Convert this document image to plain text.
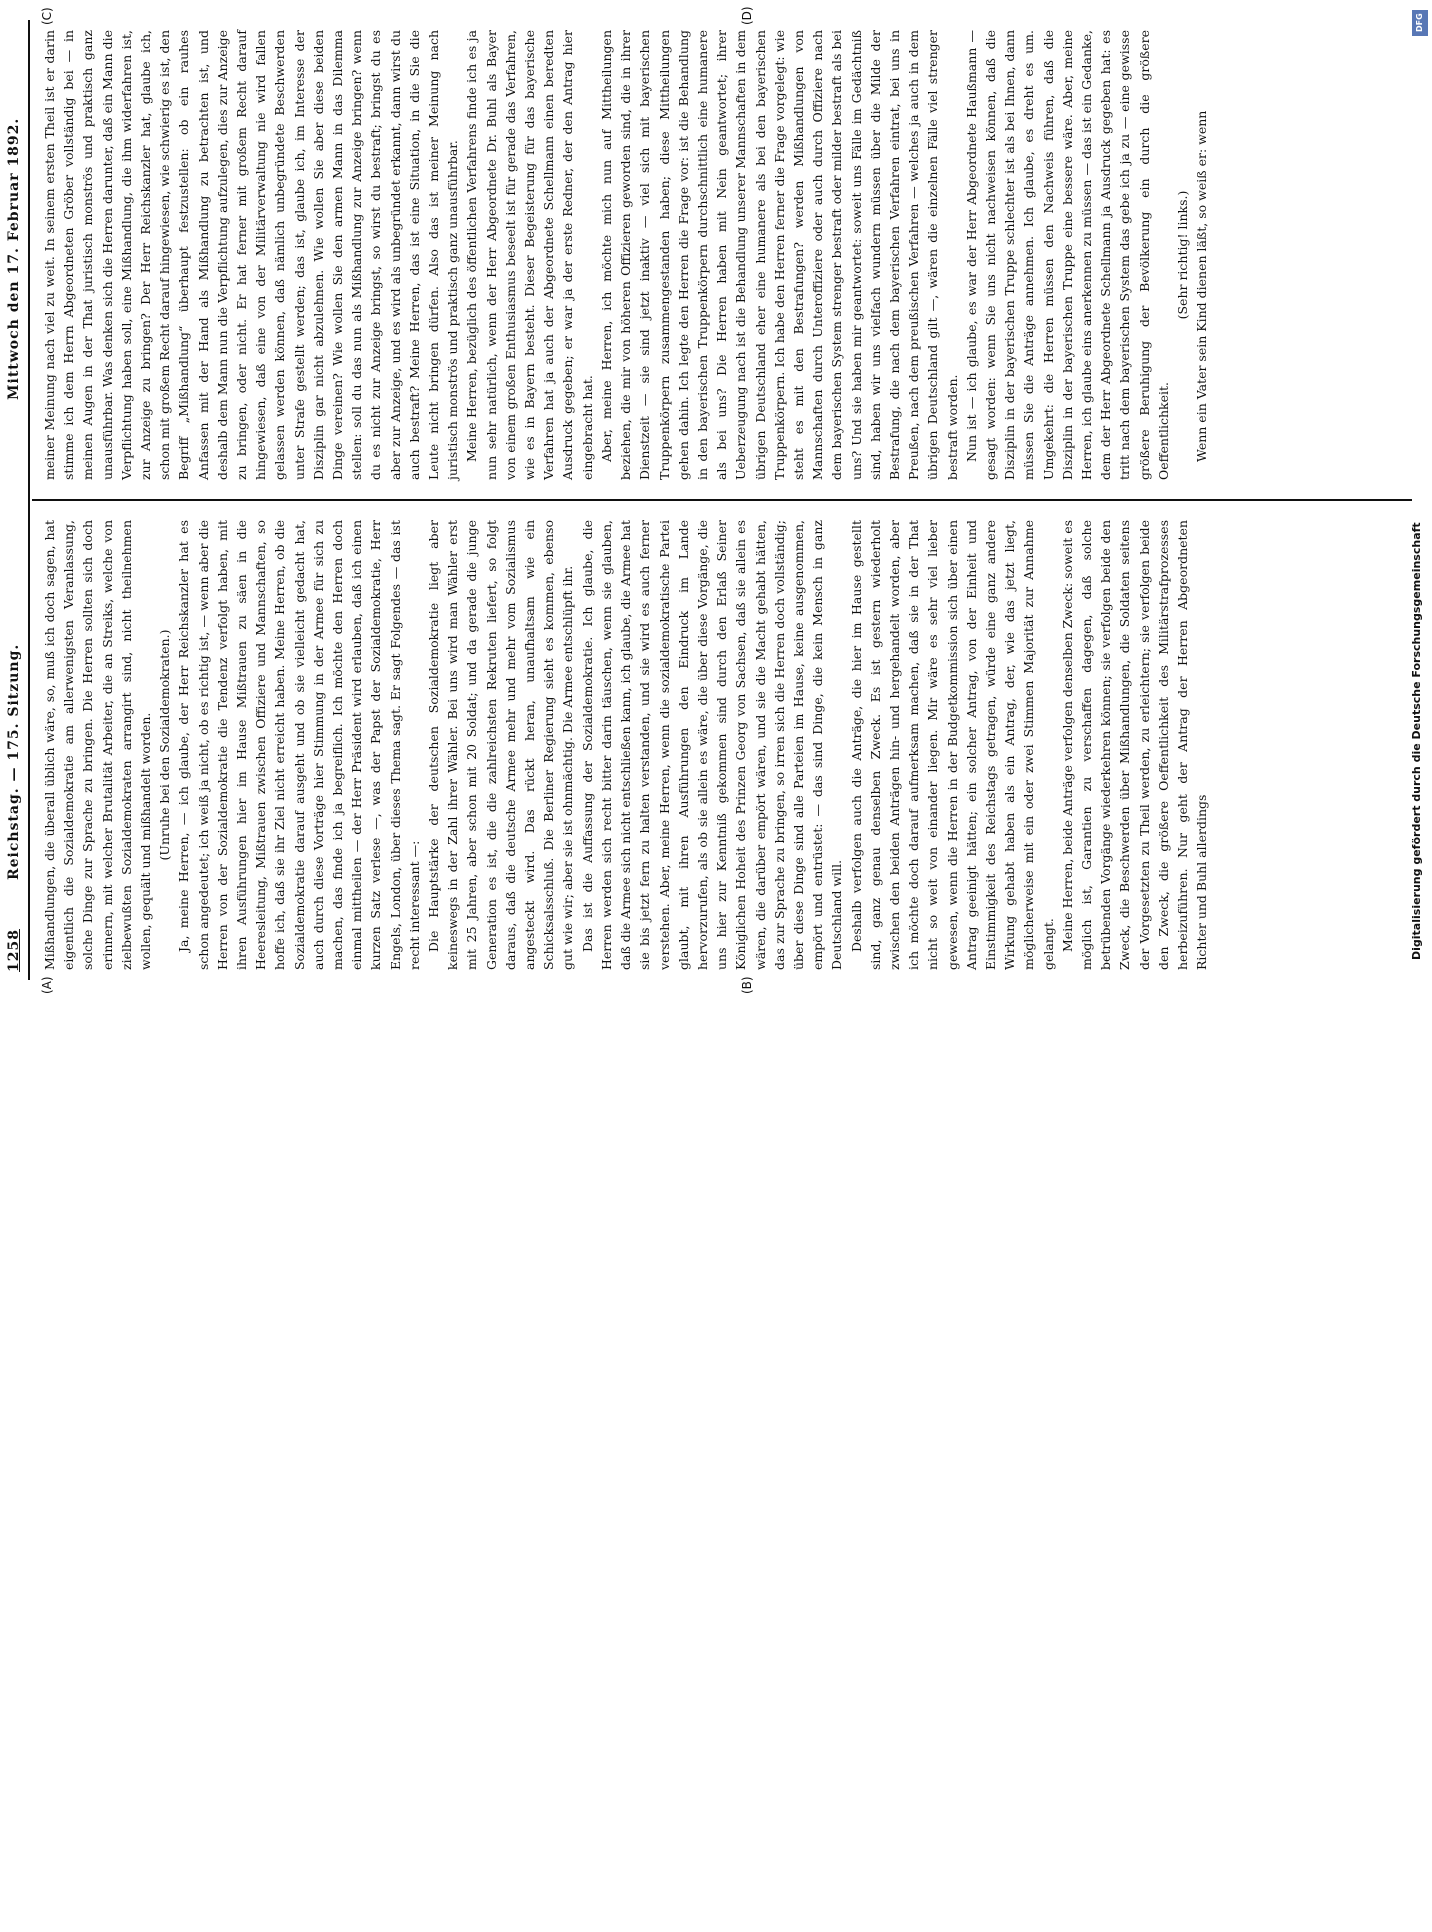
1258
Reichstag. — 175. Sitzung.
Mittwoch den 17. Februar 1892.
(A)	(B)
(C)	(D)

Mißhandlungen, die überall üblich wäre, so, muß ich doch sagen, hat eigentlich die Sozialdemokratie am allerwenigsten Veranlassung, solche Dinge zur Sprache zu bringen. Die Herren sollten sich doch erinnern, mit welcher Brutalität Arbeiter, die an Streiks, welche von zielbewußten Sozialdemokraten arrangirt sind, nicht theilnehmen wollen, gequält und mißhandelt worden. (Unruhe bei den Sozialdemokraten.) Ja, meine Herren, — ich glaube, der Herr Reichskanzler hat es schon angedeutet; ich weiß ja nicht, ob es richtig ist, — wenn aber die Herren von der Sozialdemokratie die Tendenz verfolgt haben, mit ihren Ausführungen hier im Hause Mißtrauen zu säen in die Heeresleitung, Mißtrauen zwischen Offiziere und Mannschaften, so hoffe ich, daß sie ihr Ziel nicht erreicht haben. Meine Herren, ob die Sozialdemokratie darauf ausgeht und ob sie vielleicht gedacht hat, auch durch diese Vorträge hier Stimmung in der Armee für sich zu machen, das finde ich ja begreiflich. Ich möchte den Herren doch einmal mittheilen — der Herr Präsident wird erlauben, daß ich einen kurzen Satz verlese —, was der Papst der Sozialdemokratie, Herr Engels, London, über dieses Thema sagt. Er sagt Folgendes — das ist recht interessant —: Die Hauptstärke der deutschen Sozialdemokratie liegt aber keineswegs in der Zahl ihrer Wähler. Bei uns wird man Wähler erst mit 25 Jahren, aber schon mit 20 Soldat; und da gerade die junge Generation es ist, die die zahlreichsten Rekruten liefert, so folgt daraus, daß die deutsche Armee mehr und mehr vom Sozialismus angesteckt wird. Das rückt heran, unaufhaltsam wie ein Schicksalsschluß. Die Berliner Regierung sieht es kommen, ebenso gut wie wir; aber sie ist ohnmächtig. Die Armee entschlüpft ihr. Das ist die Auffassung der Sozialdemokratie. Ich glaube, die Herren werden sich recht bitter darin täuschen, wenn sie glauben, daß die Armee sich nicht entschließen kann, ich glaube, die Armee hat sie bis jetzt fern zu halten verstanden, und sie wird es auch ferner verstehen. Aber, meine Herren, wenn die sozialdemokratische Partei glaubt, mit ihren Ausführungen den Eindruck im Lande hervorzurufen, als ob sie allein es wäre, die über diese Vorgänge, die uns hier zur Kenntniß gekommen sind durch den Erlaß Seiner Königlichen Hoheit des Prinzen Georg von Sachsen, daß sie allein es wären, die darüber empört wären, und sie die Macht gehabt hätten, das zur Sprache zu bringen, so irren sich die Herren doch vollständig; über diese Dinge sind alle Parteien im Hause, keine ausgenommen, empört und entrüstet: — das sind Dinge, die kein Mensch in ganz Deutschland will. Deshalb verfolgen auch die Anträge, die hier im Hause gestellt sind, ganz genau denselben Zweck. Es ist gestern wiederholt zwischen den beiden Anträgen hin- und hergehandelt worden, aber ich möchte doch darauf aufmerksam machen, daß sie in der That nicht so weit von einander liegen. Mir wäre es sehr viel lieber gewesen, wenn die Herren in der Budgetkommission sich über einen Antrag geeinigt hätten; ein solcher Antrag, von der Einheit und Einstimmigkeit des Reichstags getragen, würde eine ganz andere Wirkung gehabt haben als ein Antrag, der, wie das jetzt liegt, möglicherweise mit ein oder zwei Stimmen Majorität zur Annahme gelangt. Meine Herren, beide Anträge verfolgen denselben Zweck: soweit es möglich ist, Garantien zu verschaffen dagegen, daß solche betrübenden Vorgänge wiederkehren können; sie verfolgen beide den Zweck, die Beschwerden über Mißhandlungen, die Soldaten seitens der Vorgesetzten zu Theil werden, zu erleichtern; sie verfolgen beide den Zweck, die größere Oeffentlichkeit des Militärstrafprozesses herbeizuführen. Nur geht der Antrag der Herren Abgeordneten Richter und Buhl allerdings

meiner Meinung nach viel zu weit. In seinem ersten Theil ist er darin stimme ich dem Herrn Abgeordneten Gröber vollständig bei — in meinen Augen in der That juristisch monströs und praktisch ganz unausführbar. Was denken sich die Herren darunter, daß ein Mann die Verpflichtung haben soll, eine Mißhandlung, die ihm widerfahren ist, zur Anzeige zu bringen? Der Herr Reichskanzler hat, glaube ich, schon mit großem Recht darauf hingewiesen, wie schwierig es ist, den Begriff „Mißhandlung“ überhaupt festzustellen: ob ein rauhes Anfassen mit der Hand als Mißhandlung zu betrachten ist, und deshalb dem Mann nun die Verpflichtung aufzulegen, dies zur Anzeige zu bringen, oder nicht. Er hat ferner mit großem Recht darauf hingewiesen, daß eine von der Militärverwaltung nie wird fallen gelassen werden können, daß nämlich unbegründete Beschwerden unter Strafe gestellt werden; das ist, glaube ich, im Interesse der Disziplin gar nicht abzulehnen. Wie wollen Sie aber diese beiden Dinge vereinen? Wie wollen Sie den armen Mann in das Dilemma stellen: soll du das nun als Mißhandlung zur Anzeige bringen? wenn du es nicht zur Anzeige bringst, so wirst du bestraft; bringst du es aber zur Anzeige, und es wird als unbegründet erkannt, dann wirst du auch bestraft? Meine Herren, das ist eine Situation, in die Sie die Leute nicht bringen dürfen. Also das ist meiner Meinung nach juristisch monströs und praktisch ganz unausführbar. Meine Herren, bezüglich des öffentlichen Verfahrens finde ich es ja nun sehr natürlich, wenn der Herr Abgeordnete Dr. Buhl als Bayer von einem großen Enthusiasmus beseelt ist für gerade das Verfahren, wie es in Bayern besteht. Dieser Begeisterung für das bayerische Verfahren hat ja auch der Abgeordnete Schellmann einen beredten Ausdruck gegeben; er war ja der erste Redner, der den Antrag hier eingebracht hat. Aber, meine Herren, ich möchte mich nun auf Mittheilungen beziehen, die mir von höheren Offizieren geworden sind, die in ihrer Dienstzeit — sie sind jetzt inaktiv — viel sich mit bayerischen Truppenkörpern zusammengestanden haben; diese Mittheilungen gehen dahin. Ich legte den Herren die Frage vor: ist die Behandlung in den bayerischen Truppenkörpern durchschnittlich eine humanere als bei uns? Die Herren haben mit Nein geantwortet; ihrer Ueberzeugung nach ist die Behandlung unserer Mannschaften in dem übrigen Deutschland eher eine humanere als bei den bayerischen Truppenkörpern. Ich habe den Herren ferner die Frage vorgelegt: wie steht es mit den Bestrafungen? werden Mißhandlungen von Mannschaften durch Unteroffiziere oder auch durch Offiziere nach dem bayerischen System strenger bestraft oder milder bestraft als bei uns? Und sie haben mir geantwortet: soweit uns Fälle im Gedächtniß sind, haben wir uns vielfach wundern müssen über die Milde der Bestrafung, die nach dem bayerischen Verfahren eintrat, bei uns in Preußen, nach dem preußischen Verfahren — welches ja auch in dem übrigen Deutschland gilt —, wären die einzelnen Fälle viel strenger bestraft worden. Nun ist — ich glaube, es war der Herr Abgeordnete Haußmann — gesagt worden: wenn Sie uns nicht nachweisen können, daß die Disziplin in der bayerischen Truppe schlechter ist als bei Ihnen, dann müssen Sie die Anträge annehmen. Ich glaube, es dreht es um. Umgekehrt: die Herren müssen den Nachweis führen, daß die Disziplin in der bayerischen Truppe eine bessere wäre. Aber, meine Herren, ich glaube eins anerkennen zu müssen — das ist ein Gedanke, dem der Herr Abgeordnete Schellmann ja Ausdruck gegeben hat: es tritt nach dem bayerischen System das gebe ich ja zu — eine gewisse größere Beruhigung der Bevölkerung ein durch die größere Oeffentlichkeit.

(Sehr richtig! links.) Wenn ein Vater sein Kind dienen läßt, so weiß er: wenn

DFG
Digitalisierung gefördert durch die Deutsche Forschungsgemeinschaft
